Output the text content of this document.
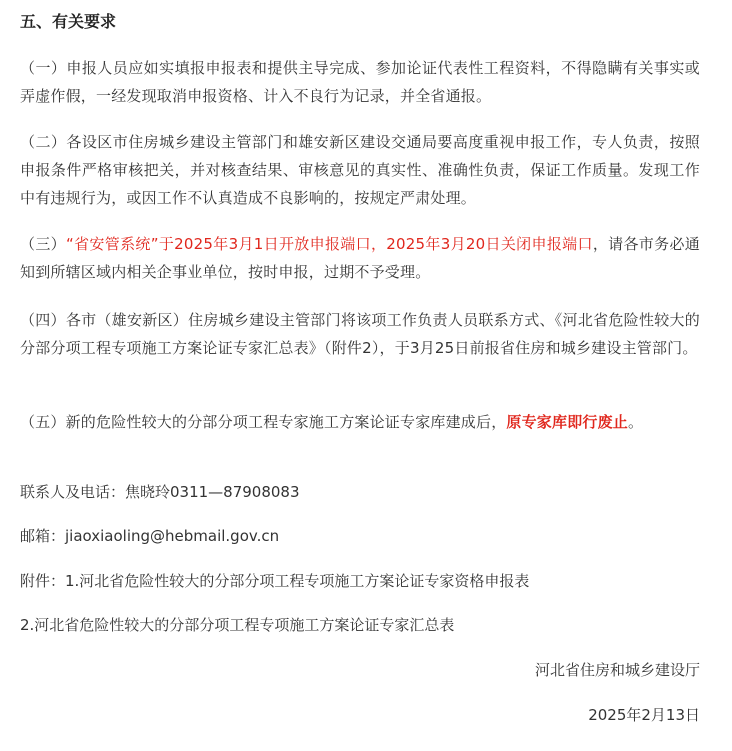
五、有关要求
（一）申报人员应如实填报申报表和提供主导完成、参加论证代表性工程资料，不得隐瞒有关事实或弄虚作假，一经发现取消申报资格、计入不良行为记录，并全省通报。
（二）各设区市住房城乡建设主管部门和雄安新区建设交通局要高度重视申报工作，专人负责，按照申报条件严格审核把关，并对核查结果、审核意见的真实性、准确性负责，保证工作质量。发现工作中有违规行为，或因工作不认真造成不良影响的，按规定严肃处理。
（三）“省安管系统”于2025年3月1日开放申报端口，2025年3月20日关闭申报端口，请各市务必通知到所辖区域内相关企事业单位，按时申报，过期不予受理。
（四）各市（雄安新区）住房城乡建设主管部门将该项工作负责人员联系方式、《河北省危险性较大的分部分项工程专项施工方案论证专家汇总表》（附件2），于3月25日前报省住房和城乡建设主管部门。
（五）新的危险性较大的分部分项工程专家施工方案论证专家库建成后，原专家库即行废止。
联系人及电话：焦晓玲0311—87908083
邮箱：jiaoxiaoling@hebmail.gov.cn
附件：1.河北省危险性较大的分部分项工程专项施工方案论证专家资格申报表
2.河北省危险性较大的分部分项工程专项施工方案论证专家汇总表
河北省住房和城乡建设厅
2025年2月13日
